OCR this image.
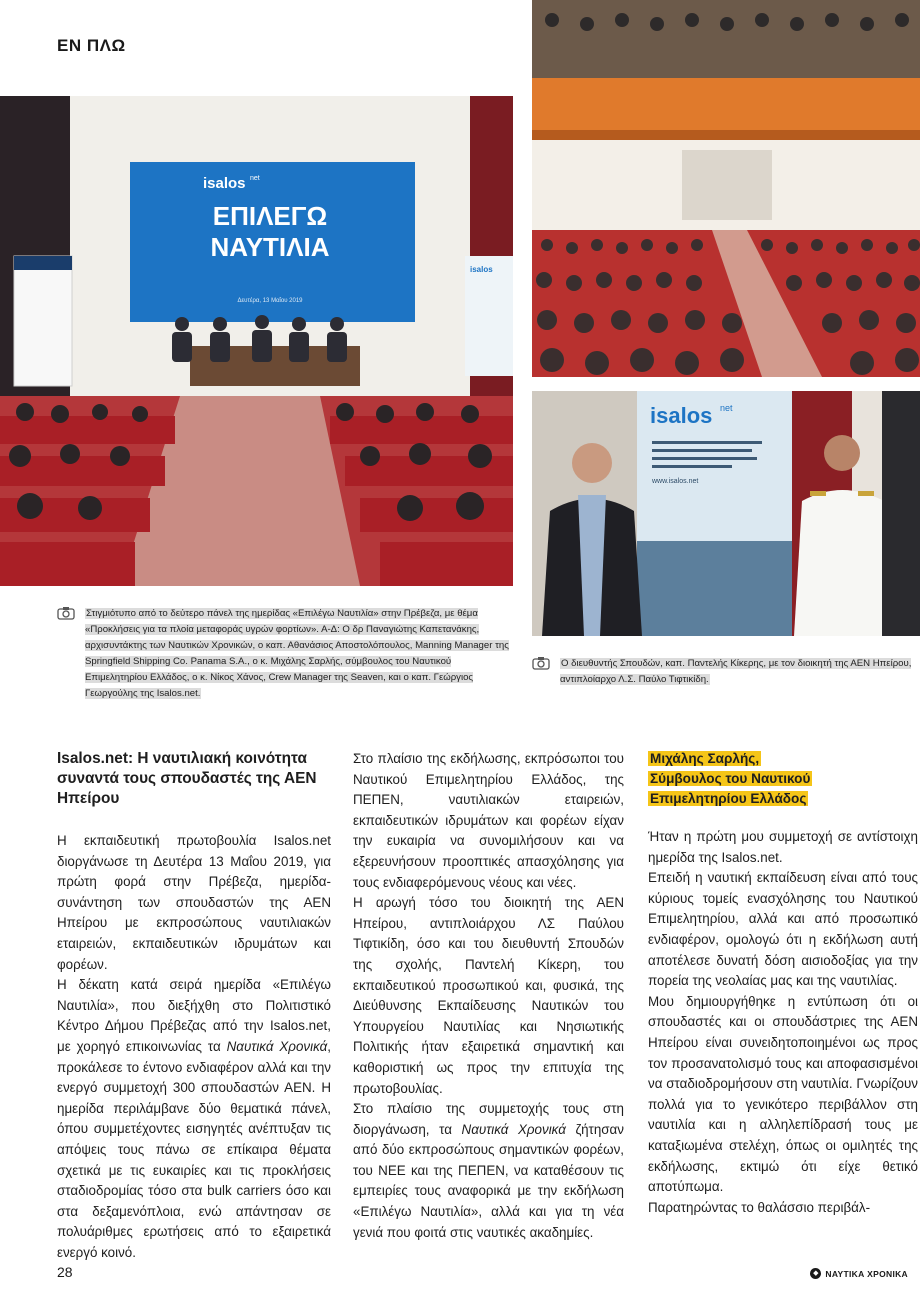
ΕΝ ΠΛΩ
isalos net
ΕΠΙΛΕΓΩ
ΝΑΥΤΙΛΙΑ
Δευτέρα, 13 Μαΐου 2019
isalos
isalos net
www.isalos.net
Στιγμιότυπο από το δεύτερο πάνελ της ημερίδας «Επιλέγω Ναυτιλία» στην Πρέβεζα, με θέμα «Προκλήσεις για τα πλοία μεταφοράς υγρών φορτίων». Α-Δ: Ο δρ Παναγιώτης Καπετανάκης, αρχισυντάκτης των Ναυτικών Χρονικών, ο καπ. Αθανάσιος Αποστολόπουλος, Manning Manager της Springfield Shipping Co. Panama S.A., ο κ. Μιχάλης Σαρλής, σύμβουλος του Ναυτικού Επιμελητηρίου Ελλάδος, ο κ. Νίκος Χάνος, Crew Manager της Seaven, και ο καπ. Γεώργιος Γεωργούλης της Isalos.net.
Ο διευθυντής Σπουδών, καπ. Παντελής Κίκερης, με τον διοικητή της ΑΕΝ Ηπείρου, αντιπλοίαρχο Λ.Σ. Παύλο Τιφτικίδη.
Isalos.net: Η ναυτιλιακή κοινότητα συναντά τους σπουδαστές της ΑΕΝ Ηπείρου

Η εκπαιδευτική πρωτοβουλία Isalos.net διοργάνωσε τη Δευτέρα 13 Μαΐου 2019, για πρώτη φορά στην Πρέβεζα, ημερίδα-συνάντηση των σπουδαστών της ΑΕΝ Ηπείρου με εκπροσώπους ναυτιλιακών εταιρειών, εκπαιδευτικών ιδρυμάτων και φορέων.

Η δέκατη κατά σειρά ημερίδα «Επιλέγω Ναυτιλία», που διεξήχθη στο Πολιτιστικό Κέντρο Δήμου Πρέβεζας από την Isalos.net, με χορηγό επικοινωνίας τα Ναυτικά Χρονικά, προκάλεσε το έντονο ενδιαφέρον αλλά και την ενεργό συμμετοχή 300 σπουδαστών ΑΕΝ. Η ημερίδα περιλάμβανε δύο θεματικά πάνελ, όπου συμμετέχοντες εισηγητές ανέπτυξαν τις απόψεις τους πάνω σε επίκαιρα θέματα σχετικά με τις ευκαιρίες και τις προκλήσεις σταδιοδρομίας τόσο στα bulk carriers όσο και στα δεξαμενόπλοια, ενώ απάντησαν σε πολυάριθμες ερωτήσεις από το εξαιρετικά ενεργό κοινό.

Στο πλαίσιο της εκδήλωσης, εκπρόσωποι του Ναυτικού Επιμελητηρίου Ελλάδος, της ΠΕΠΕΝ, ναυτιλιακών εταιρειών, εκπαιδευτικών ιδρυμάτων και φορέων είχαν την ευκαιρία να συνομιλήσουν και να εξερευνήσουν προοπτικές απασχόλησης για τους ενδιαφερόμενους νέους και νέες.

Η αρωγή τόσο του διοικητή της ΑΕΝ Ηπείρου, αντιπλοιάρχου ΛΣ Παύλου Τιφτικίδη, όσο και του διευθυντή Σπουδών της σχολής, Παντελή Κίκερη, του εκπαιδευτικού προσωπικού και, φυσικά, της Διεύθυνσης Εκπαίδευσης Ναυτικών του Υπουργείου Ναυτιλίας και Νησιωτικής Πολιτικής ήταν εξαιρετικά σημαντική και καθοριστική ως προς την επιτυχία της πρωτοβουλίας.

Στο πλαίσιο της συμμετοχής τους στη διοργάνωση, τα Ναυτικά Χρονικά ζήτησαν από δύο εκπροσώπους σημαντικών φορέων, του ΝΕΕ και της ΠΕΠΕΝ, να καταθέσουν τις εμπειρίες τους αναφορικά με την εκδήλωση «Επιλέγω Ναυτιλία», αλλά και για τη νέα γενιά που φοιτά στις ναυτικές ακαδημίες.

Μιχάλης Σαρλής,
Σύμβουλος του Ναυτικού
Επιμελητηρίου Ελλάδος

Ήταν η πρώτη μου συμμετοχή σε αντίστοιχη ημερίδα της Isalos.net.

Επειδή η ναυτική εκπαίδευση είναι από τους κύριους τομείς ενασχόλησης του Ναυτικού Επιμελητηρίου, αλλά και από προσωπικό ενδιαφέρον, ομολογώ ότι η εκδήλωση αυτή αποτέλεσε δυνατή δόση αισιοδοξίας για την πορεία της νεολαίας μας και της ναυτιλίας.

Μου δημιουργήθηκε η εντύπωση ότι οι σπουδαστές και οι σπουδάστριες της ΑΕΝ Ηπείρου είναι συνειδητοποιημένοι ως προς τον προσανατολισμό τους και αποφασισμένοι να σταδιοδρομήσουν στη ναυτιλία. Γνωρίζουν πολλά για το γενικότερο περιβάλλον στη ναυτιλία και η αλληλεπίδρασή τους με καταξιωμένα στελέχη, όπως οι ομιλητές της εκδήλωσης, εκτιμώ ότι είχε θετικό αποτύπωμα.

Παρατηρώντας το θαλάσσιο περιβάλ-

28	◆ ΝΑΥΤΙΚΑ ΧΡΟΝΙΚΑ
